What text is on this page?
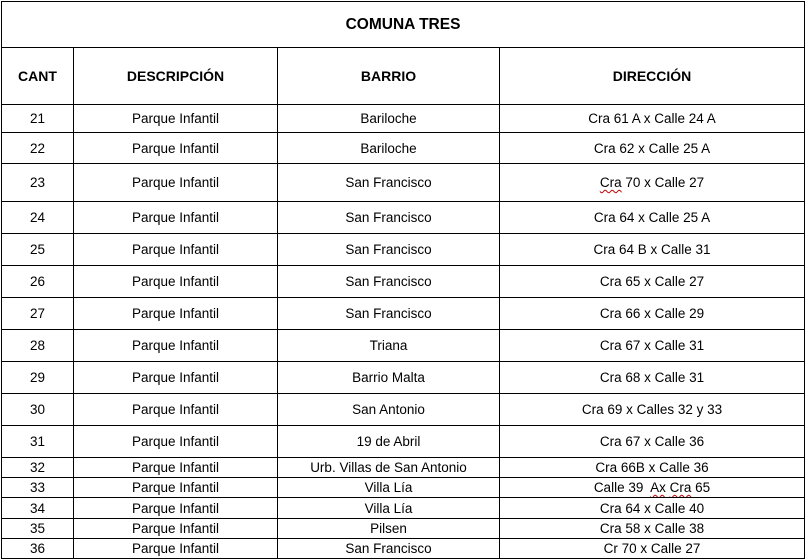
COMUNA TRES			
CANT	DESCRIPCIÓN	BARRIO	DIRECCIÓN
21	Parque Infantil	Bariloche	Cra 61 A x Calle 24 A
22	Parque Infantil	Bariloche	Cra 62 x Calle 25 A
23	Parque Infantil	San Francisco	Cra 70 x Calle 27
24	Parque Infantil	San Francisco	Cra 64 x Calle 25 A
25	Parque Infantil	San Francisco	Cra 64 B x Calle 31
26	Parque Infantil	San Francisco	Cra 65 x Calle 27
27	Parque Infantil	San Francisco	Cra 66 x Calle 29
28	Parque Infantil	Triana	Cra 67 x Calle 31
29	Parque Infantil	Barrio Malta	Cra 68 x Calle 31
30	Parque Infantil	San Antonio	Cra 69 x Calles 32 y 33
31	Parque Infantil	19 de Abril	Cra 67 x Calle 36
32	Parque Infantil	Urb. Villas de San Antonio	Cra 66B x Calle 36
33	Parque Infantil	Villa Lía	Calle 39  Ax Cra 65
34	Parque Infantil	Villa Lía	Cra 64 x Calle 40
35	Parque Infantil	Pilsen	Cra 58 x Calle 38
36	Parque Infantil	San Francisco	Cr 70 x Calle 27
